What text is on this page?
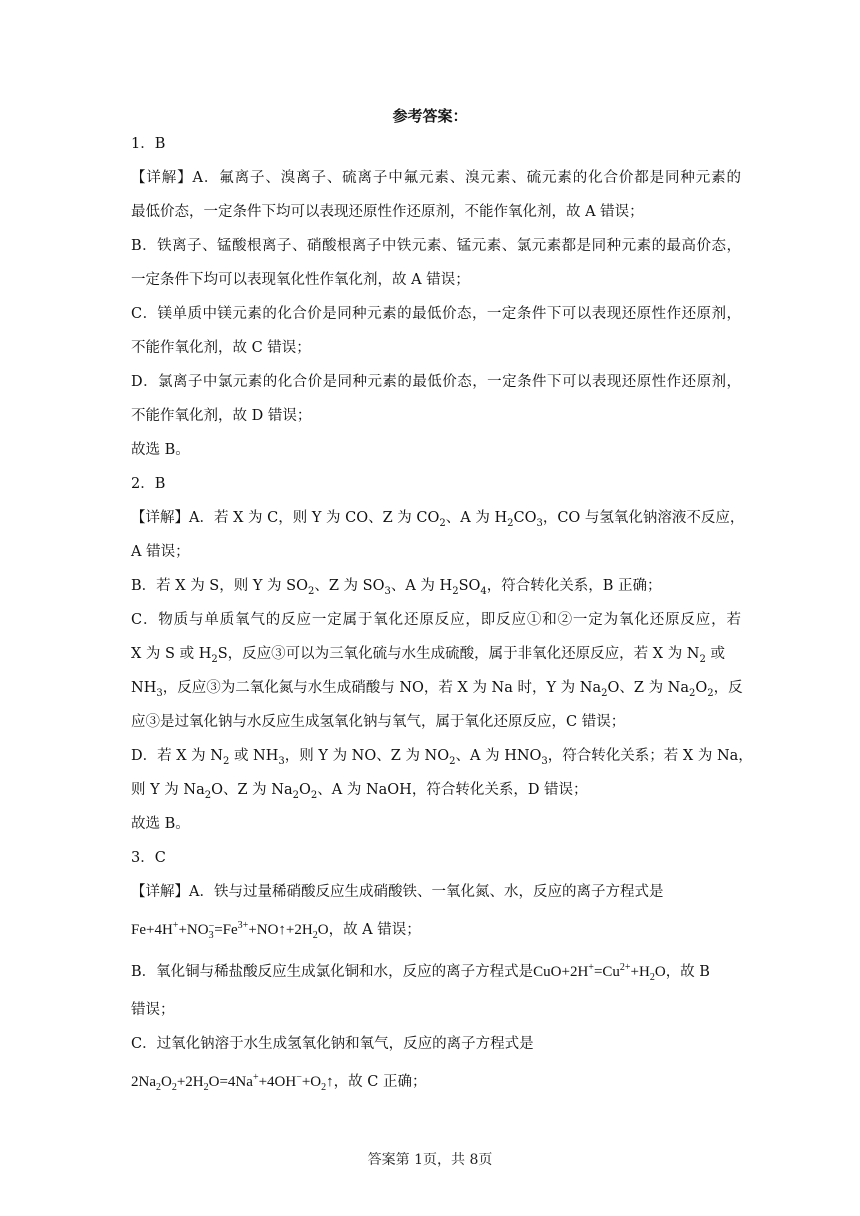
参考答案：
1．B
【详解】A．氟离子、溴离子、硫离子中氟元素、溴元素、硫元素的化合价都是同种元素的
最低价态，一定条件下均可以表现还原性作还原剂，不能作氧化剂，故 A 错误；
B．铁离子、锰酸根离子、硝酸根离子中铁元素、锰元素、氯元素都是同种元素的最高价态，
一定条件下均可以表现氧化性作氧化剂，故 A 错误；
C．镁单质中镁元素的化合价是同种元素的最低价态，一定条件下可以表现还原性作还原剂，
不能作氧化剂，故 C 错误；
D．氯离子中氯元素的化合价是同种元素的最低价态，一定条件下可以表现还原性作还原剂，
不能作氧化剂，故 D 错误；
故选 B。
2．B
【详解】A．若 X 为 C，则 Y 为 CO、Z 为 $CO_2$、A 为 $H_2CO_3$，CO 与氢氧化钠溶液不反应，
A 错误；
B．若 X 为 S，则 Y 为 $SO_2$、Z 为 $SO_3$、A 为 $H_2SO_4$，符合转化关系，B 正确；
C．物质与单质氧气的反应一定属于氧化还原反应，即反应①和②一定为氧化还原反应，若
X 为 S 或 $H_2S$，反应③可以为三氧化硫与水生成硫酸，属于非氧化还原反应，若 X 为 $N_2$ 或
$NH_3$，反应③为二氧化氮与水生成硝酸与 NO，若 X 为 Na 时，Y 为 $Na_2O$、Z 为 $Na_2O_2$，反
应③是过氧化钠与水反应生成氢氧化钠与氧气，属于氧化还原反应，C 错误；
D．若 X 为 $N_2$ 或 $NH_3$，则 Y 为 NO、Z 为 $NO_2$、A 为 $HNO_3$，符合转化关系；若 X 为 Na，
则 Y 为 $Na_2O$、Z 为 $Na_2O_2$、A 为 NaOH，符合转化关系，D 错误；
故选 B。
3．C
【详解】A．铁与过量稀硝酸反应生成硝酸铁、一氧化氮、水，反应的离子方程式是
Fe+4H++NO −
$3 =Fe^{3+}+NO↑+2H_2O$，故 A 错误；
B．氧化铜与稀盐酸反应生成氯化铜和水，反应的离子方程式是$CuO+2H^+=Cu^{2+}+H_2O$，故 B
错误；
C．过氧化钠溶于水生成氢氧化钠和氧气，反应的离子方程式是
$2Na_2O_2+2H_2O=4Na^++4OH^-+O_2↑$，故 C 正确；
答案第 1页，共 8页
